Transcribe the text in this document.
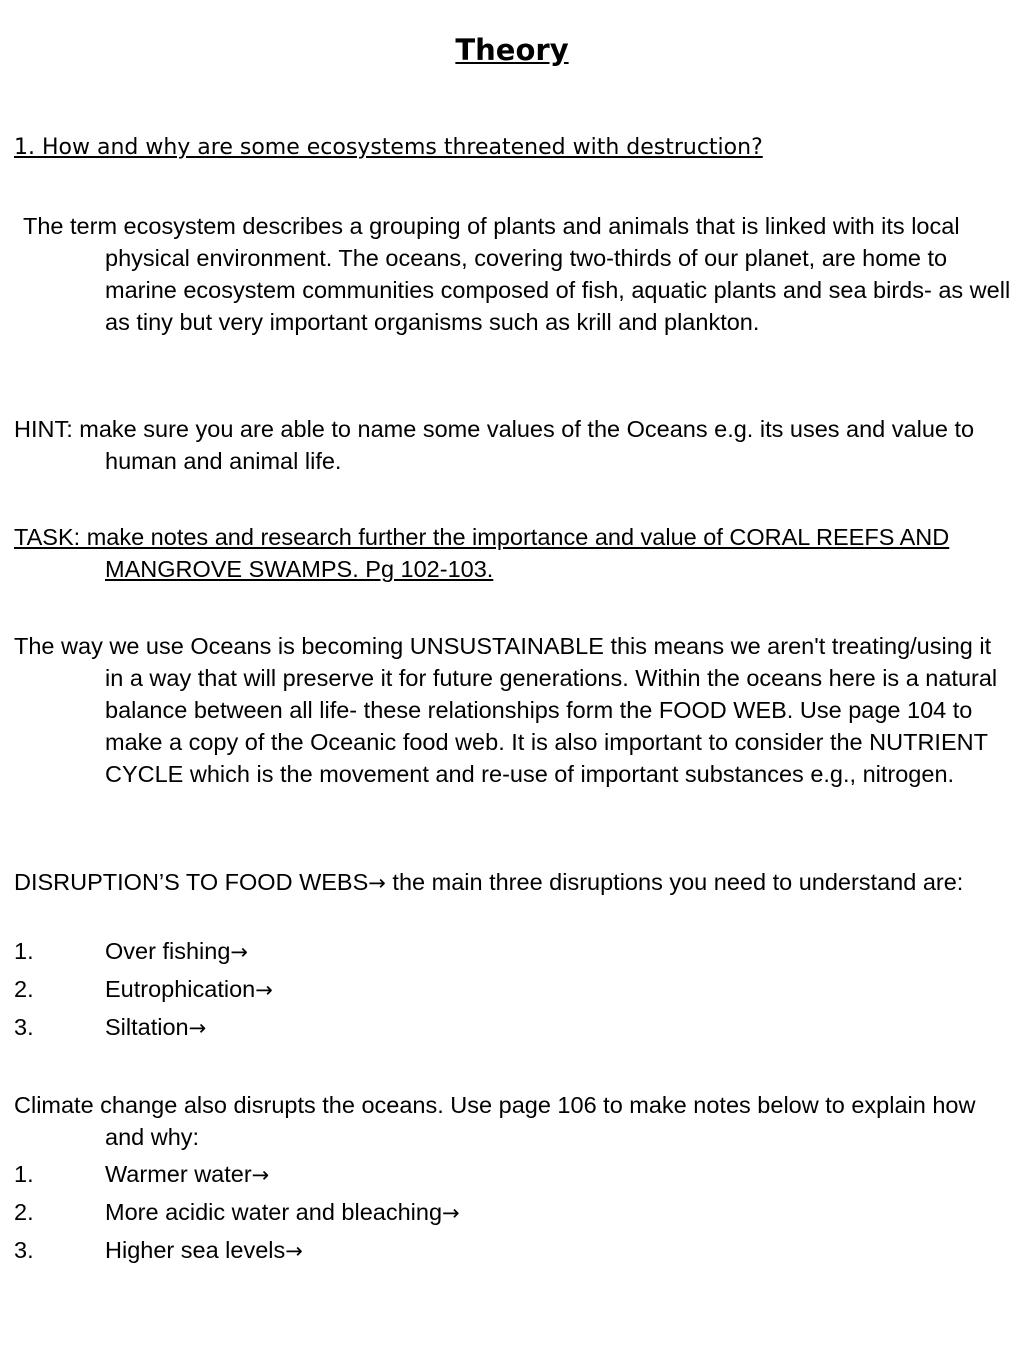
Theory
1. How and why are some ecosystems threatened with destruction?
The term ecosystem describes a grouping of plants and animals that is linked with its local physical environment. The oceans, covering two-thirds of our planet, are home to marine ecosystem communities composed of fish, aquatic plants and sea birds- as well as tiny but very important organisms such as krill and plankton.
HINT: make sure you are able to name some values of the Oceans e.g. its uses and value to human and animal life.
TASK: make notes and research further the importance and value of CORAL REEFS AND MANGROVE SWAMPS. Pg 102-103.
The way we use Oceans is becoming UNSUSTAINABLE this means we aren't treating/using it in a way that will preserve it for future generations. Within the oceans here is a natural balance between all life- these relationships form the FOOD WEB. Use page 104 to make a copy of the Oceanic food web. It is also important to consider the NUTRIENT CYCLE which is the movement and re-use of important substances e.g., nitrogen.
DISRUPTION’S TO FOOD WEBS→ the main three disruptions you need to understand are:
1.	Over fishing→
2.	Eutrophication→
3.	Siltation→
Climate change also disrupts the oceans. Use page 106 to make notes below to explain how and why:
1.	Warmer water→
2.	More acidic water and bleaching→
3.	Higher sea levels→
